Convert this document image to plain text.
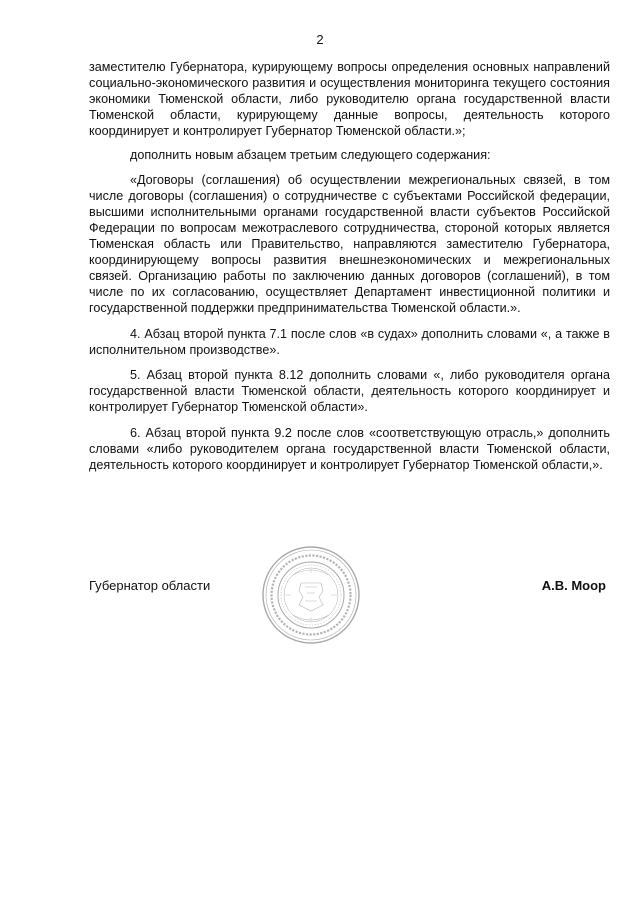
2

заместителю Губернатора, курирующему вопросы определения основных направлений социально-экономического развития и осуществления мониторинга текущего состояния экономики Тюменской области, либо руководителю органа государственной власти Тюменской области, курирующему данные вопросы, деятельность которого координирует и контролирует Губернатор Тюменской области.»;

дополнить новым абзацем третьим следующего содержания:

«Договоры (соглашения) об осуществлении межрегиональных связей, в том числе договоры (соглашения) о сотрудничестве с субъектами Российской федерации, высшими исполнительными органами государственной власти субъектов Российской Федерации по вопросам межотраслевого сотрудничества, стороной которых является Тюменская область или Правительство, направляются заместителю Губернатора, координирующему вопросы развития внешнеэкономических и межрегиональных связей. Организацию работы по заключению данных договоров (соглашений), в том числе по их согласованию, осуществляет Департамент инвестиционной политики и государственной поддержки предпринимательства Тюменской области.».

4. Абзац второй пункта 7.1 после слов «в судах» дополнить словами «, а также в исполнительном производстве».

5. Абзац второй пункта 8.12 дополнить словами «, либо руководителя органа государственной власти Тюменской области, деятельность которого координирует и контролирует Губернатор Тюменской области».

6. Абзац второй пункта 9.2 после слов «соответствующую отрасль,» дополнить словами «либо руководителем органа государственной власти Тюменской области, деятельность которого координирует и контролирует Губернатор Тюменской области,».

Губернатор области	А.В. Моор
